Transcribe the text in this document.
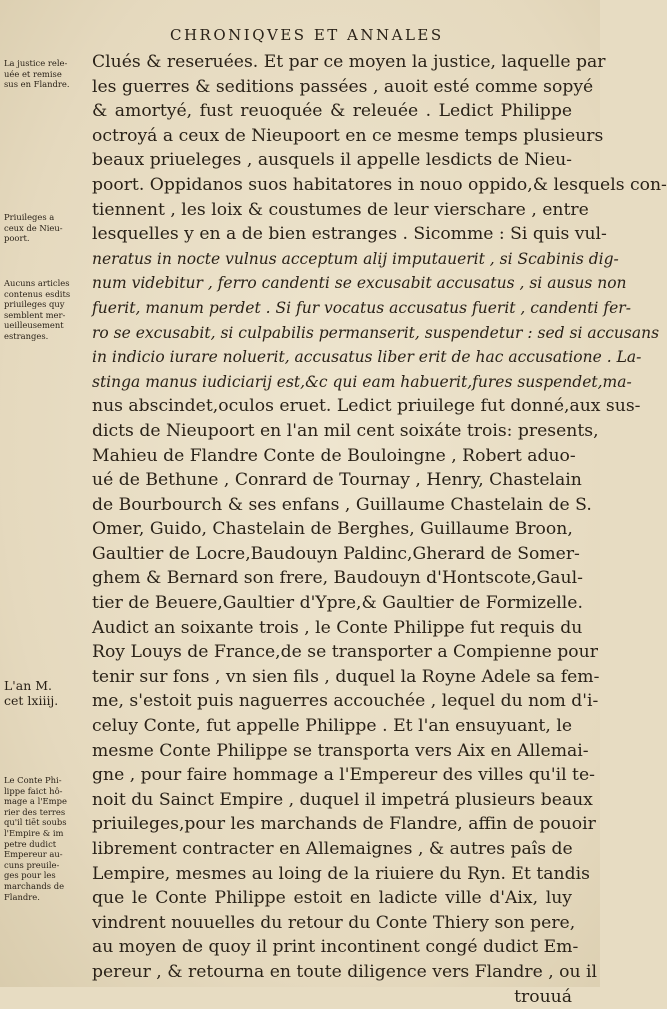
CHRONIQVES ET ANNALES
La justice rele-
uée et remise
sus en Flandre.
Priuileges a
ceux de Nieu-
poort.
Aucuns articles
contenus esdits
priuileges quy
semblent mer-
ueilleusement
estranges.
L'an M.
cet lxiiij.
Le Conte Phi-
lippe faict hô-
mage a l'Empe
rier des terres
qu'il tiēt soubs
l'Empire & im
petre dudict
Empereur au-
cuns preuile-
ges pour les
marchands de
Flandre.
Clués & reseruées. Et par ce moyen la justice, laquelle par
les guerres & seditions passées , auoit esté comme sopyé
& amortyé, fust reuoquée & releuée . Ledict Philippe
octroyá a ceux de Nieupoort en ce mesme temps plusieurs
beaux priueleges , ausquels il appelle lesdicts de Nieu-
poort. Oppidanos suos habitatores in nouo oppido,& lesquels con-
tiennent , les loix & coustumes de leur vierschare , entre
lesquelles y en a de bien estranges . Sicomme : Si quis vul-
neratus in nocte vulnus acceptum alij imputauerit , si Scabinis dig-
num videbitur , ferro candenti se excusabit accusatus , si ausus non
fuerit, manum perdet . Si fur vocatus accusatus fuerit , candenti fer-
ro se excusabit, si culpabilis permanserit, suspendetur : sed si accusans
in indicio iurare noluerit, accusatus liber erit de hac accusatione . La-
stinga manus iudiciarij est,&c qui eam habuerit,fures suspendet,ma-
nus abscindet,oculos eruet. Ledict priuilege fut donné,aux sus-
dicts de Nieupoort en l'an mil cent soixáte trois: presents,
Mahieu de Flandre Conte de Bouloingne , Robert aduo-
ué de Bethune , Conrard de Tournay , Henry, Chastelain
de Bourbourch & ses enfans , Guillaume Chastelain de S.
Omer, Guido, Chastelain de Berghes, Guillaume Broon,
Gaultier de Locre,Baudouyn Paldinc,Gherard de Somer-
ghem & Bernard son frere, Baudouyn d'Hontscote,Gaul-
tier de Beuere,Gaultier d'Ypre,& Gaultier de Formizelle.
Audict an soixante trois , le Conte Philippe fut requis du
Roy Louys de France,de se transporter a Compienne pour
tenir sur fons , vn sien fils , duquel la Royne Adele sa fem-
me, s'estoit puis naguerres accouchée , lequel du nom d'i-
celuy Conte, fut appelle Philippe . Et l'an ensuyuant, le
mesme Conte Philippe se transporta vers Aix en Allemai-
gne , pour faire hommage a l'Empereur des villes qu'il te-
noit du Sainct Empire , duquel il impetrá plusieurs beaux
priuileges,pour les marchands de Flandre, affin de pouoir
librement contracter en Allemaignes , & autres paîs de
Lempire, mesmes au loing de la riuiere du Ryn. Et tandis
que le Conte Philippe estoit en ladicte ville d'Aix, luy
vindrent nouuelles du retour du Conte Thiery son pere,
au moyen de quoy il print incontinent congé dudict Em-
pereur , & retourna en toute diligence vers Flandre , ou il
trouuá
